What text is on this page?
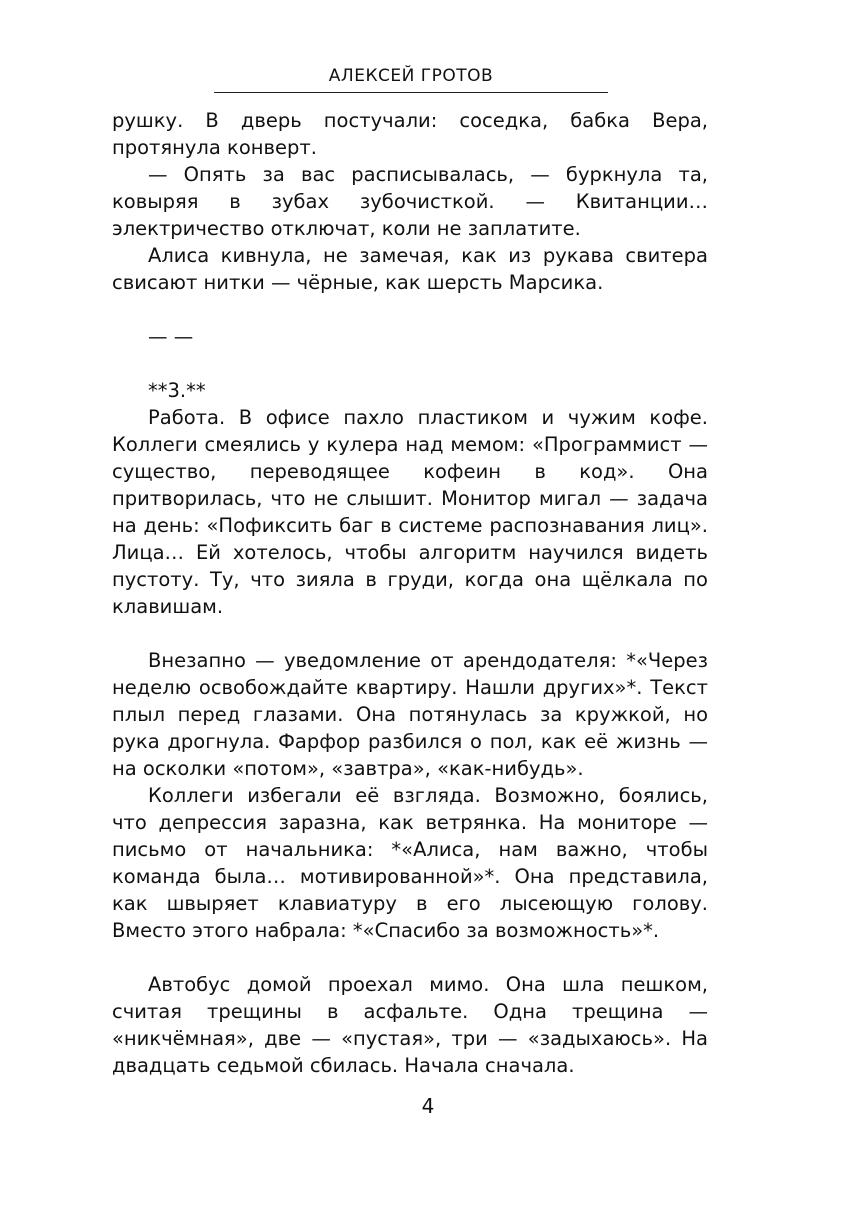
АЛЕКСЕЙ ГРОТОВ

рушку. В дверь постучали: соседка, бабка Вера, протянула конверт.

— Опять за вас расписывалась, — буркнула та, ковыряя в зубах зубочисткой. — Квитанции… электричество отключат, коли не заплатите.

Алиса кивнула, не замечая, как из рукава свитера свисают нитки — чёрные, как шерсть Марсика.

— —

**3.**

Работа. В офисе пахло пластиком и чужим кофе. Коллеги смеялись у кулера над мемом: «Программист — существо, переводящее кофеин в код». Она притворилась, что не слышит. Монитор мигал — задача на день: «Пофиксить баг в системе распознавания лиц». Лица… Ей хотелось, чтобы алгоритм научился видеть пустоту. Ту, что зияла в груди, когда она щёлкала по клавишам.

Внезапно — уведомление от арендодателя: *«Через неделю освобождайте квартиру. Нашли других»*. Текст плыл перед глазами. Она потянулась за кружкой, но рука дрогнула. Фарфор разбился о пол, как её жизнь — на осколки «потом», «завтра», «как-нибудь».

Коллеги избегали её взгляда. Возможно, боялись, что депрессия заразна, как ветрянка. На мониторе — письмо от начальника: *«Алиса, нам важно, чтобы команда была… мотивированной»*. Она представила, как швыряет клавиатуру в его лысеющую голову. Вместо этого набрала: *«Спасибо за возможность»*.

Автобус домой проехал мимо. Она шла пешком, считая трещины в асфальте. Одна трещина — «никчёмная», две — «пустая», три — «задыхаюсь». На двадцать седьмой сбилась. Начала сначала.

4
